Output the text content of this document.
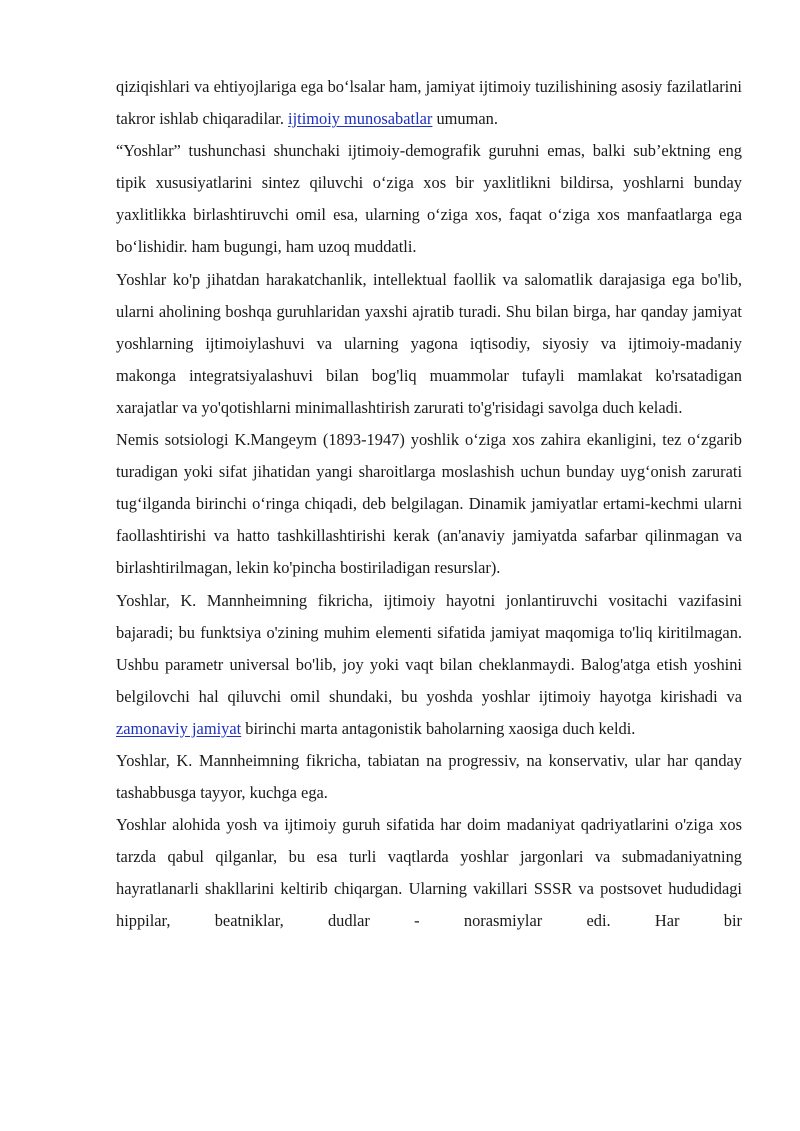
qiziqishlari va ehtiyojlariga ega bo‘lsalar ham, jamiyat ijtimoiy tuzilishining asosiy fazilatlarini takror ishlab chiqaradilar. ijtimoiy munosabatlar umuman.

“Yoshlar” tushunchasi shunchaki ijtimoiy-demografik guruhni emas, balki sub’ektning eng tipik xususiyatlarini sintez qiluvchi o‘ziga xos bir yaxlitlikni bildirsa, yoshlarni bunday yaxlitlikka birlashtiruvchi omil esa, ularning o‘ziga xos, faqat o‘ziga xos manfaatlarga ega bo‘lishidir. ham bugungi, ham uzoq muddatli.

Yoshlar ko'p jihatdan harakatchanlik, intellektual faollik va salomatlik darajasiga ega bo'lib, ularni aholining boshqa guruhlaridan yaxshi ajratib turadi. Shu bilan birga, har qanday jamiyat yoshlarning ijtimoiylashuvi va ularning yagona iqtisodiy, siyosiy va ijtimoiy-madaniy makonga integratsiyalashuvi bilan bog'liq muammolar tufayli mamlakat ko'rsatadigan xarajatlar va yo'qotishlarni minimallashtirish zarurati to'g'risidagi savolga duch keladi.

Nemis sotsiologi K.Mangeym (1893-1947) yoshlik o‘ziga xos zahira ekanligini, tez o‘zgarib turadigan yoki sifat jihatidan yangi sharoitlarga moslashish uchun bunday uyg‘onish zarurati tug‘ilganda birinchi o‘ringa chiqadi, deb belgilagan. Dinamik jamiyatlar ertami-kechmi ularni faollashtirishi va hatto tashkillashtirishi kerak (an'anaviy jamiyatda safarbar qilinmagan va birlashtirilmagan, lekin ko'pincha bostiriladigan resurslar).

Yoshlar, K. Mannheimning fikricha, ijtimoiy hayotni jonlantiruvchi vositachi vazifasini bajaradi; bu funktsiya o'zining muhim elementi sifatida jamiyat maqomiga to'liq kiritilmagan. Ushbu parametr universal bo'lib, joy yoki vaqt bilan cheklanmaydi. Balog'atga etish yoshini belgilovchi hal qiluvchi omil shundaki, bu yoshda yoshlar ijtimoiy hayotga kirishadi va zamonaviy jamiyat birinchi marta antagonistik baholarning xaosiga duch keldi.

Yoshlar, K. Mannheimning fikricha, tabiatan na progressiv, na konservativ, ular har qanday tashabbusga tayyor, kuchga ega.

Yoshlar alohida yosh va ijtimoiy guruh sifatida har doim madaniyat qadriyatlarini o'ziga xos tarzda qabul qilganlar, bu esa turli vaqtlarda yoshlar jargonlari va submadaniyatning hayratlanarli shakllarini keltirib chiqargan. Ularning vakillari SSSR va postsovet hududidagi hippilar, beatniklar, dudlar - norasmiylar edi. Har bir
